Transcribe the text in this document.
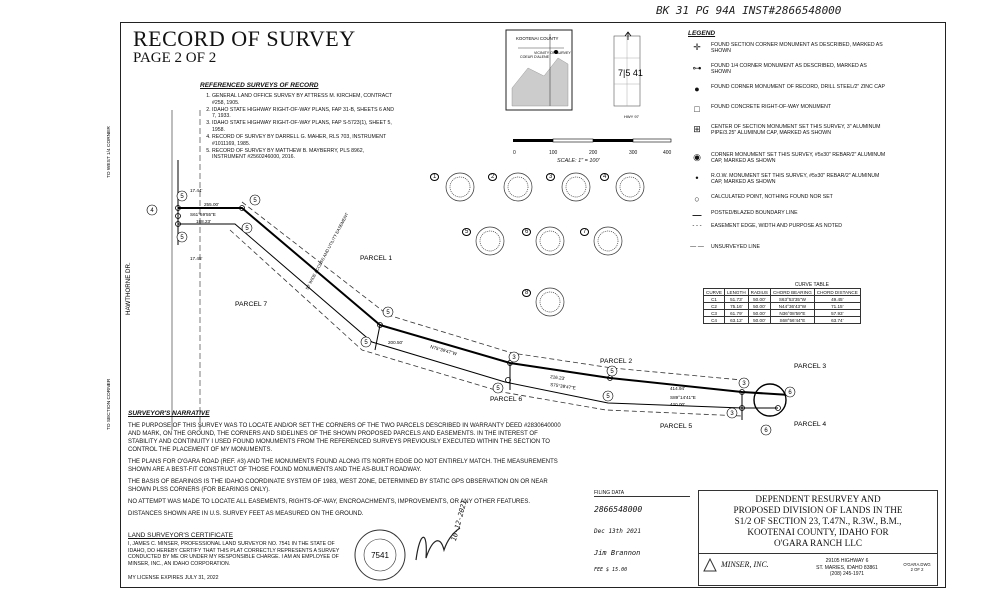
BK 31 PG 94A INST#2866548000
RECORD OF SURVEY
PAGE 2 OF 2
REFERENCED SURVEYS OF RECORD
1. GENERAL LAND OFFICE SURVEY BY ATTRESS M. KIRCHEM, CONTRACT #258, 1905.
2. IDAHO STATE HIGHWAY RIGHT-OF-WAY PLANS, FAP 31-B, SHEETS 6 AND 7, 1933.
3. IDAHO STATE HIGHWAY RIGHT-OF-WAY PLANS, FAP S-5723(1), SHEET 5, 1958.
4. RECORD OF SURVEY BY DARRELL G. MAHER, RLS 703, INSTRUMENT #1011169, 1985.
5. RECORD OF SURVEY BY MATTHEW B. MAYBERRY, PLS 8962, INSTRUMENT #2560246000, 2016.
KOOTENAI COUNTY
COEUR D'ALENE
VICINITY OF SURVEY
7|5 41
HWY 97
0	100	200	300	400
SCALE: 1" = 100'
LEGEND
✛	FOUND SECTION CORNER MONUMENT AS DESCRIBED, MARKED AS SHOWN
⊶	FOUND 1/4 CORNER MONUMENT AS DESCRIBED, MARKED AS SHOWN
●	FOUND CORNER MONUMENT OF RECORD, DRILL STEEL/2" ZINC CAP
□	FOUND CONCRETE RIGHT-OF-WAY MONUMENT
⊞	CENTER OF SECTION MONUMENT SET THIS SURVEY, 3" ALUMINUM PIPE/3.25" ALUMINUM CAP, MARKED AS SHOWN
◉	CORNER MONUMENT SET THIS SURVEY, #5x30" REBAR/2" ALUMINUM CAP, MARKED AS SHOWN
•	R.O.W. MONUMENT SET THIS SURVEY, #5x30" REBAR/2" ALUMINUM CAP, MARKED AS SHOWN
○	CALCULATED POINT, NOTHING FOUND NOR SET
—	POSTED/BLAZED BOUNDARY LINE
- - -	EASEMENT EDGE, WIDTH AND PURPOSE AS NOTED
— —	UNSURVEYED LINE
CURVE TABLE
CURVE	LENGTH	RADIUS	CHORD BEARING	CHORD DISTANCE
C1	51.73'	50.00'	S63°53'35"W	49.45'
C2	75.16'	50.00'	N44°36'43"W	71.15'
C3	61.79'	50.00'	N36°08'59"E	57.93'
C4	63.12'	50.00'	S68°56'44"E	63.74'
4
5
5
5
5
5
5
3
5
5
5
3
3
6
6
HAWTHORNE DR.
TO WEST 1/4 CORNER
TO SECTION CORNER
PARCEL 1
PARCEL 7
PARCEL 2
PARCEL 6
PARCEL 3
PARCEL 5	PARCEL 4
50' WIDE ACCESS AND UTILITY EASEMENT
17.44'
17.45'
255.00'
S61°59'55"E
188.23'
200.50'
N75°39'47"W
216.23'
S75°39'47"E	414.94'
S89°14'41"E
420.00'
1	2	3	4
5	6	7
8
SURVEYOR'S NARRATIVE

THE PURPOSE OF THIS SURVEY WAS TO LOCATE AND/OR SET THE CORNERS OF THE TWO PARCELS DESCRIBED IN WARRANTY DEED #2830640000 AND MARK, ON THE GROUND, THE CORNERS AND SIDELINES OF THE SHOWN PROPOSED PARCELS AND EASEMENTS. IN THE INTEREST OF STABILITY AND CONTINUITY I USED FOUND MONUMENTS FROM THE REFERENCED SURVEYS PREVIOUSLY EXECUTED WITHIN THE SECTION TO CONTROL THE PLACEMENT OF MY MONUMENTS.

THE PLANS FOR O'GARA ROAD (REF. #3) AND THE MONUMENTS FOUND ALONG ITS NORTH EDGE DO NOT ENTIRELY MATCH. THE MEASUREMENTS SHOWN ARE A BEST-FIT CONSTRUCT OF THOSE FOUND MONUMENTS AND THE AS-BUILT ROADWAY.

THE BASIS OF BEARINGS IS THE IDAHO COORDINATE SYSTEM OF 1983, WEST ZONE, DETERMINED BY STATIC GPS OBSERVATION ON OR NEAR SHOWN PLSS CORNERS (FOR BEARINGS ONLY).

NO ATTEMPT WAS MADE TO LOCATE ALL EASEMENTS, RIGHTS-OF-WAY, ENCROACHMENTS, IMPROVEMENTS, OR ANY OTHER FEATURES.

DISTANCES SHOWN ARE IN U.S. SURVEY FEET AS MEASURED ON THE GROUND.

LAND SURVEYOR'S CERTIFICATE
I, JAMES C. MINSER, PROFESSIONAL LAND SURVEYOR NO. 7541 IN THE STATE OF IDAHO, DO HEREBY CERTIFY THAT THIS PLAT CORRECTLY REPRESENTS A SURVEY CONDUCTED BY ME OR UNDER MY RESPONSIBLE CHARGE. I AM AN EMPLOYEE OF MINSER, INC., AN IDAHO CORPORATION.
MY LICENSE EXPIRES JULY 31, 2022
7541
10-12-2021
FILING DATA
2866548000
Dec 13th 2021
Jim Brannon
FEE $ 15.00
DEPENDENT RESURVEY AND
PROPOSED DIVISION OF LANDS IN THE
S1/2 OF SECTION 23, T.47N., R.3W., B.M.,
KOOTENAI COUNTY, IDAHO FOR
O'GARA RANCH LLC
MINSER, INC.	29105 HIGHWAY 6
ST. MARIES, IDAHO 83861
(208) 245-1971
O'GARA.DWG
2 OF 2
